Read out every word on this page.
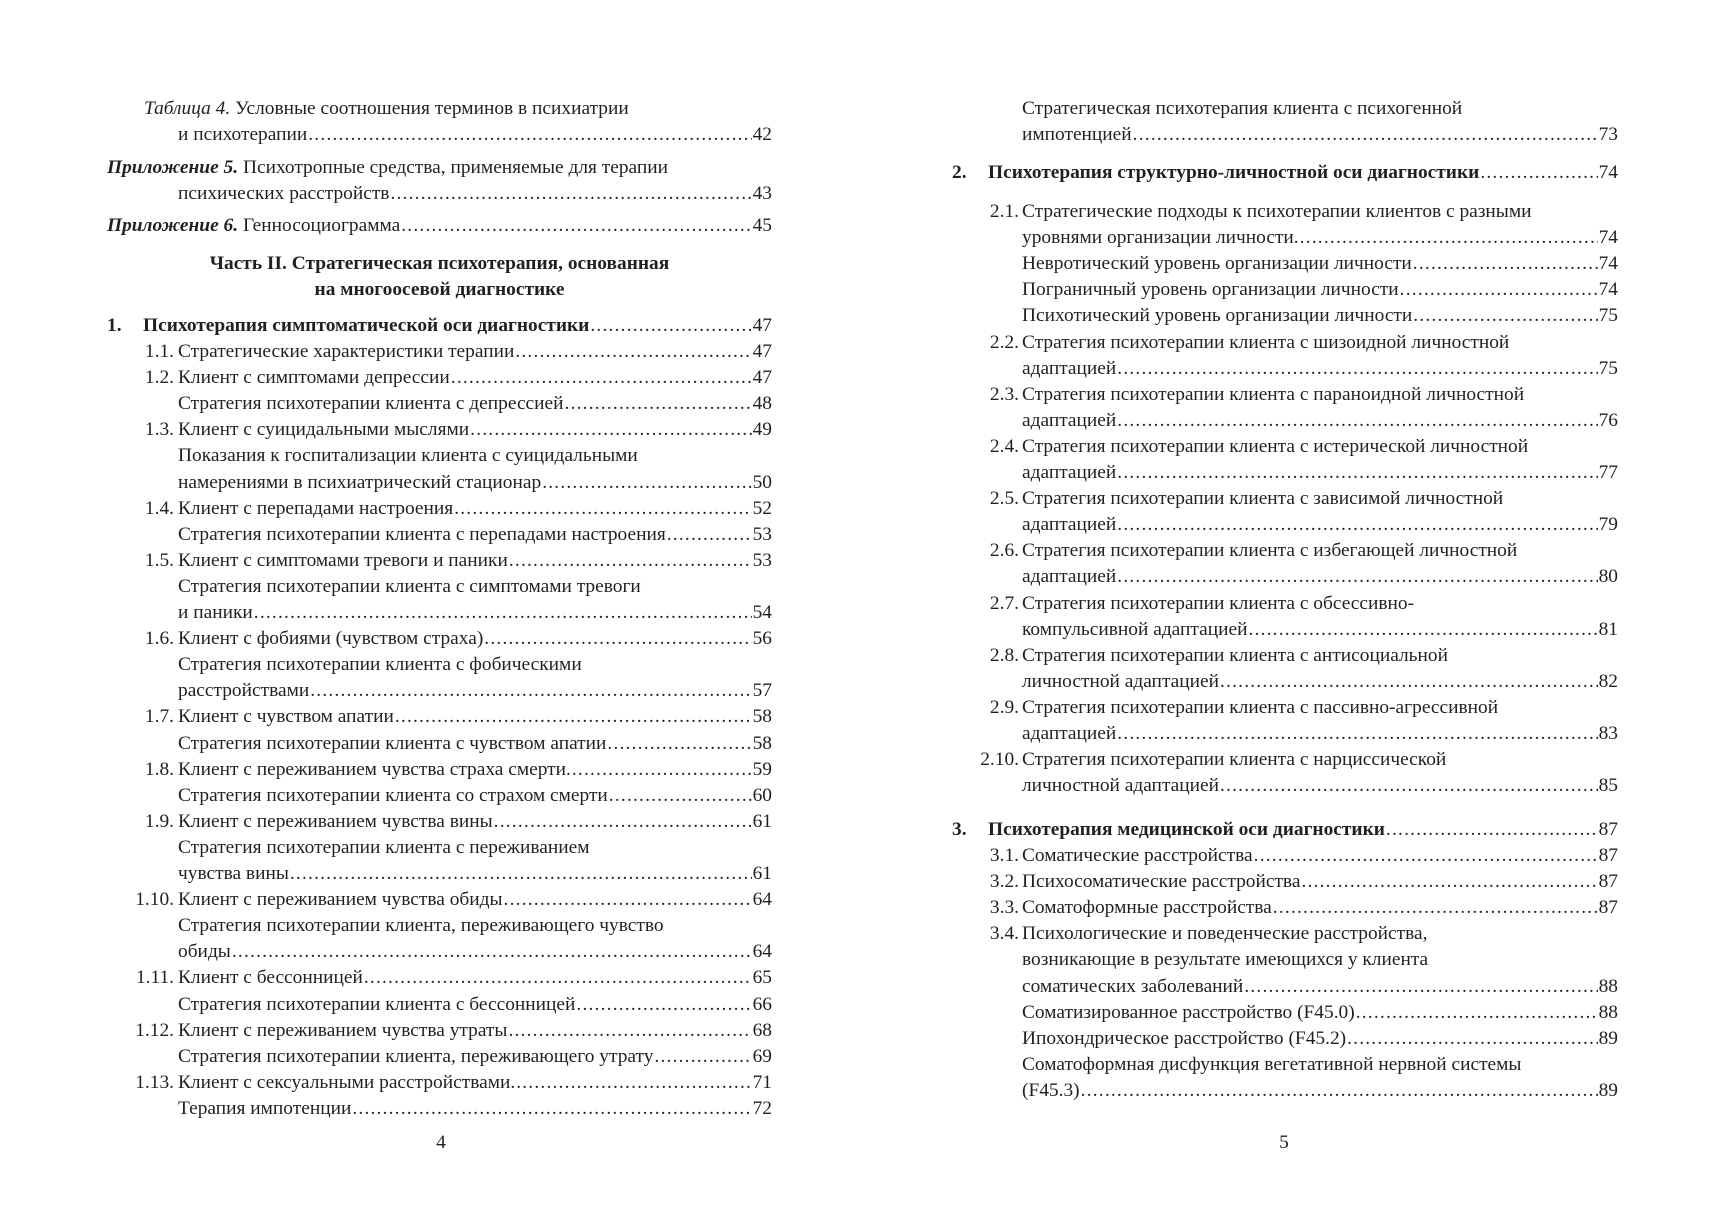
Таблица 4. Условные соотношения терминов в психиатрии
и психотерапии .....	42
Приложение 5. Психотропные средства, применяемые для терапии
психических расстройств .....	43
Приложение 6. Генносоциограмма .....	45
Часть II. Стратегическая психотерапия, основанная
на многоосевой диагностике
1.	Психотерапия симптоматической оси диагностики .....	47
1.1. Стратегические характеристики терапии .....	47
1.2. Клиент с симптомами депрессии .....	47
Стратегия психотерапии клиента с депрессией .....	48
1.3. Клиент с суицидальными мыслями .....	49
Показания к госпитализации клиента с суицидальными
намерениями в психиатрический стационар .....	50
1.4. Клиент с перепадами настроения .....	52
Стратегия психотерапии клиента с перепадами настроения .....	53
1.5. Клиент с симптомами тревоги и паники .....	53
Стратегия психотерапии клиента с симптомами тревоги
и паники .....	54
1.6. Клиент с фобиями (чувством страха) .....	56
Стратегия психотерапии клиента с фобическими
расстройствами .....	57
1.7. Клиент с чувством апатии .....	58
Стратегия психотерапии клиента с чувством апатии .....	58
1.8. Клиент с переживанием чувства страха смерти. .....	59
Стратегия психотерапии клиента со страхом смерти .....	60
1.9. Клиент с переживанием чувства вины .....	61
Стратегия психотерапии клиента с переживанием
чувства вины .....	61
1.10. Клиент с переживанием чувства обиды .....	64
Стратегия психотерапии клиента, переживающего чувство
обиды .....	64
1.11. Клиент с бессонницей .....	65
Стратегия психотерапии клиента с бессонницей .....	66
1.12. Клиент с переживанием чувства утраты .....	68
Стратегия психотерапии клиента, переживающего утрату .....	69
1.13. Клиент с сексуальными расстройствами. .....	71
Терапия импотенции .....	72
4
Стратегическая психотерапия клиента с психогенной
импотенцией .....	73
2.	Психотерапия структурно-личностной оси диагностики .....	74
2.1. Стратегические подходы к психотерапии клиентов с разными
уровнями организации личности. .....	74
Невротический уровень организации личности .....	74
Пограничный уровень организации личности .....	74
Психотический уровень организации личности .....	75
2.2. Стратегия психотерапии клиента с шизоидной личностной
адаптацией .....	75
2.3. Стратегия психотерапии клиента с параноидной личностной
адаптацией .....	76
2.4. Стратегия психотерапии клиента с истерической личностной
адаптацией .....	77
2.5. Стратегия психотерапии клиента с зависимой личностной
адаптацией .....	79
2.6. Стратегия психотерапии клиента с избегающей личностной
адаптацией .....	80
2.7. Стратегия психотерапии клиента с обсессивно-
компульсивной адаптацией .....	81
2.8. Стратегия психотерапии клиента с антисоциальной
личностной адаптацией .....	82
2.9. Стратегия психотерапии клиента с пассивно-агрессивной
адаптацией .....	83
2.10. Стратегия психотерапии клиента с нарциссической
личностной адаптацией .....	85
3.	Психотерапия медицинской оси диагностики .....	87
3.1. Соматические расстройства .....	87
3.2. Психосоматические расстройства .....	87
3.3. Соматоформные расстройства .....	87
3.4. Психологические и поведенческие расстройства,
возникающие в результате имеющихся у клиента
соматических заболеваний .....	88
Соматизированное расстройство (F45.0) .....	88
Ипохондрическое расстройство (F45.2) .....	89
Соматоформная дисфункция вегетативной нервной системы
(F45.3) .....	89
5
